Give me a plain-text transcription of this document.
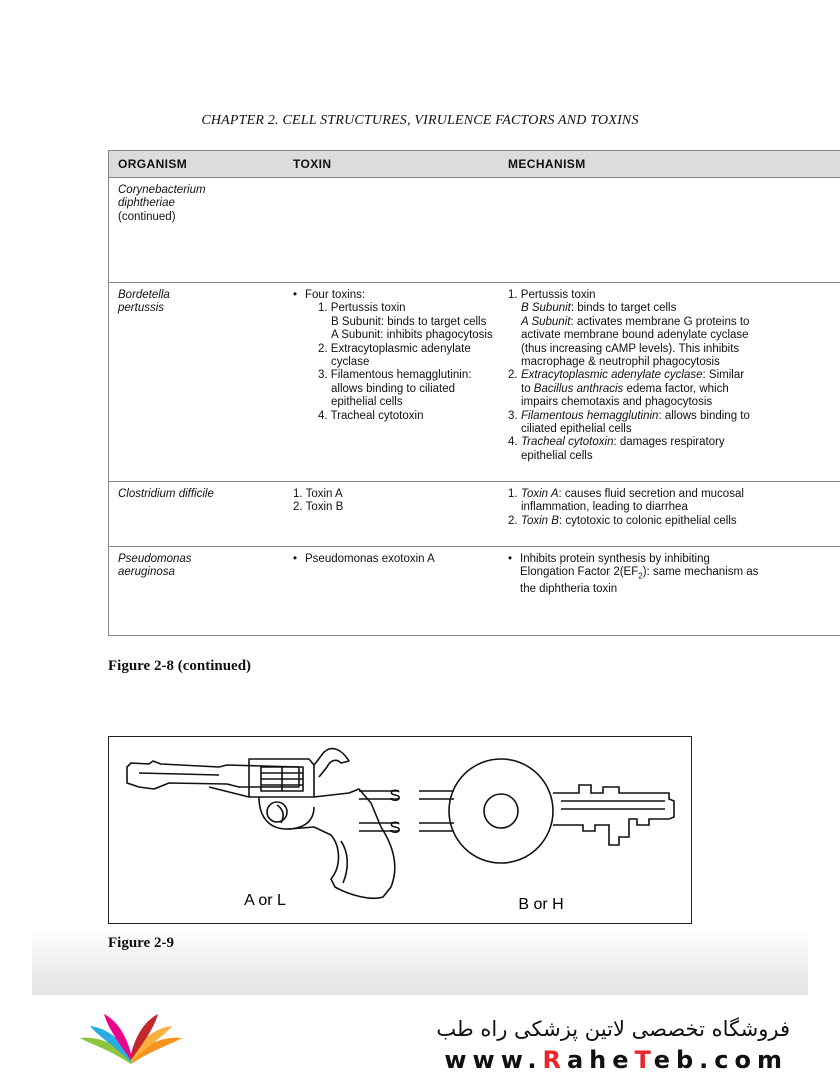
CHAPTER 2. CELL STRUCTURES, VIRULENCE FACTORS AND TOXINS
ORGANISM	TOXIN	MECHANISM
Corynebacterium
diphtheriae
(continued)
Bordetella
pertussis
• Four toxins:
1. Pertussis toxin
B Subunit: binds to target cells
A Subunit: inhibits phagocytosis
2. Extracytoplasmic adenylate cyclase
3. Filamentous hemagglutinin: allows binding to ciliated epithelial cells
4. Tracheal cytotoxin
1. Pertussis toxin
B Subunit: binds to target cells
A Subunit: activates membrane G proteins to activate membrane bound adenylate cyclase (thus increasing cAMP levels). This inhibits macrophage & neutrophil phagocytosis
2. Extracytoplasmic adenylate cyclase: Similar to Bacillus anthracis edema factor, which impairs chemotaxis and phagocytosis
3. Filamentous hemagglutinin: allows binding to ciliated epithelial cells
4. Tracheal cytotoxin: damages respiratory epithelial cells
Clostridium difficile	1. Toxin A
2. Toxin B
1. Toxin A: causes fluid secretion and mucosal inflammation, leading to diarrhea
2. Toxin B: cytotoxic to colonic epithelial cells
Pseudomonas
aeruginosa
• Pseudomonas exotoxin A
•	Inhibits protein synthesis by inhibiting Elongation Factor $2(EF_2)$: same mechanism as the diphtheria toxin
Figure 2-8 (continued)
S
S
A or L	B or H
Figure 2-9
فروشگاه تخصصی لاتین پزشکی راه طب
www.RaheTeb.com
